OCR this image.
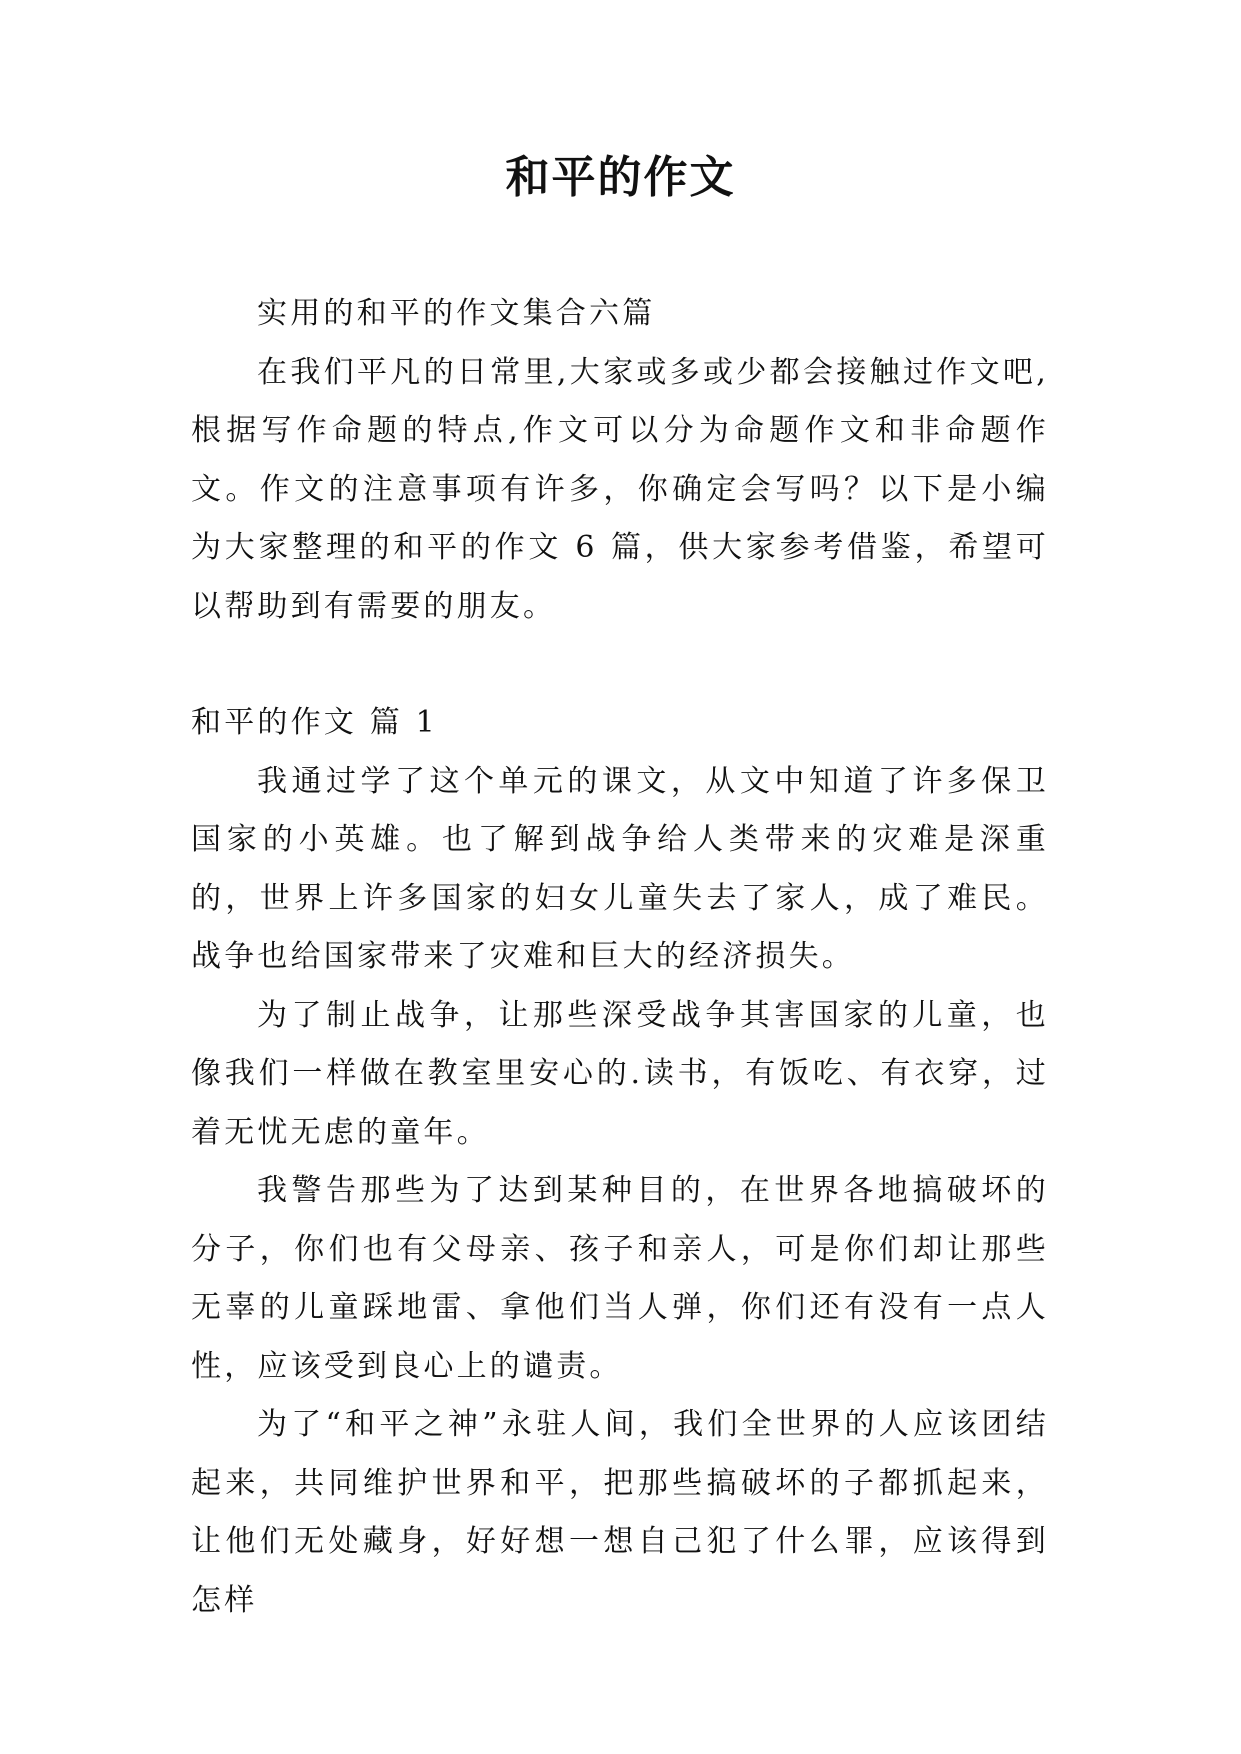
和平的作文

实用的和平的作文集合六篇

在我们平凡的日常里,大家或多或少都会接触过作文吧,根据写作命题的特点,作文可以分为命题作文和非命题作文。作文的注意事项有许多，你确定会写吗？以下是小编为大家整理的和平的作文 6 篇，供大家参考借鉴，希望可以帮助到有需要的朋友。

和平的作文 篇 1

我通过学了这个单元的课文，从文中知道了许多保卫国家的小英雄。也了解到战争给人类带来的灾难是深重的，世界上许多国家的妇女儿童失去了家人，成了难民。战争也给国家带来了灾难和巨大的经济损失。

为了制止战争，让那些深受战争其害国家的儿童，也像我们一样做在教室里安心的.读书，有饭吃、有衣穿，过着无忧无虑的童年。

我警告那些为了达到某种目的，在世界各地搞破坏的分子，你们也有父母亲、孩子和亲人，可是你们却让那些无辜的儿童踩地雷、拿他们当人弹，你们还有没有一点人性，应该受到良心上的谴责。

为了“和平之神”永驻人间，我们全世界的人应该团结起来，共同维护世界和平，把那些搞破坏的子都抓起来，让他们无处藏身，好好想一想自己犯了什么罪，应该得到怎样
